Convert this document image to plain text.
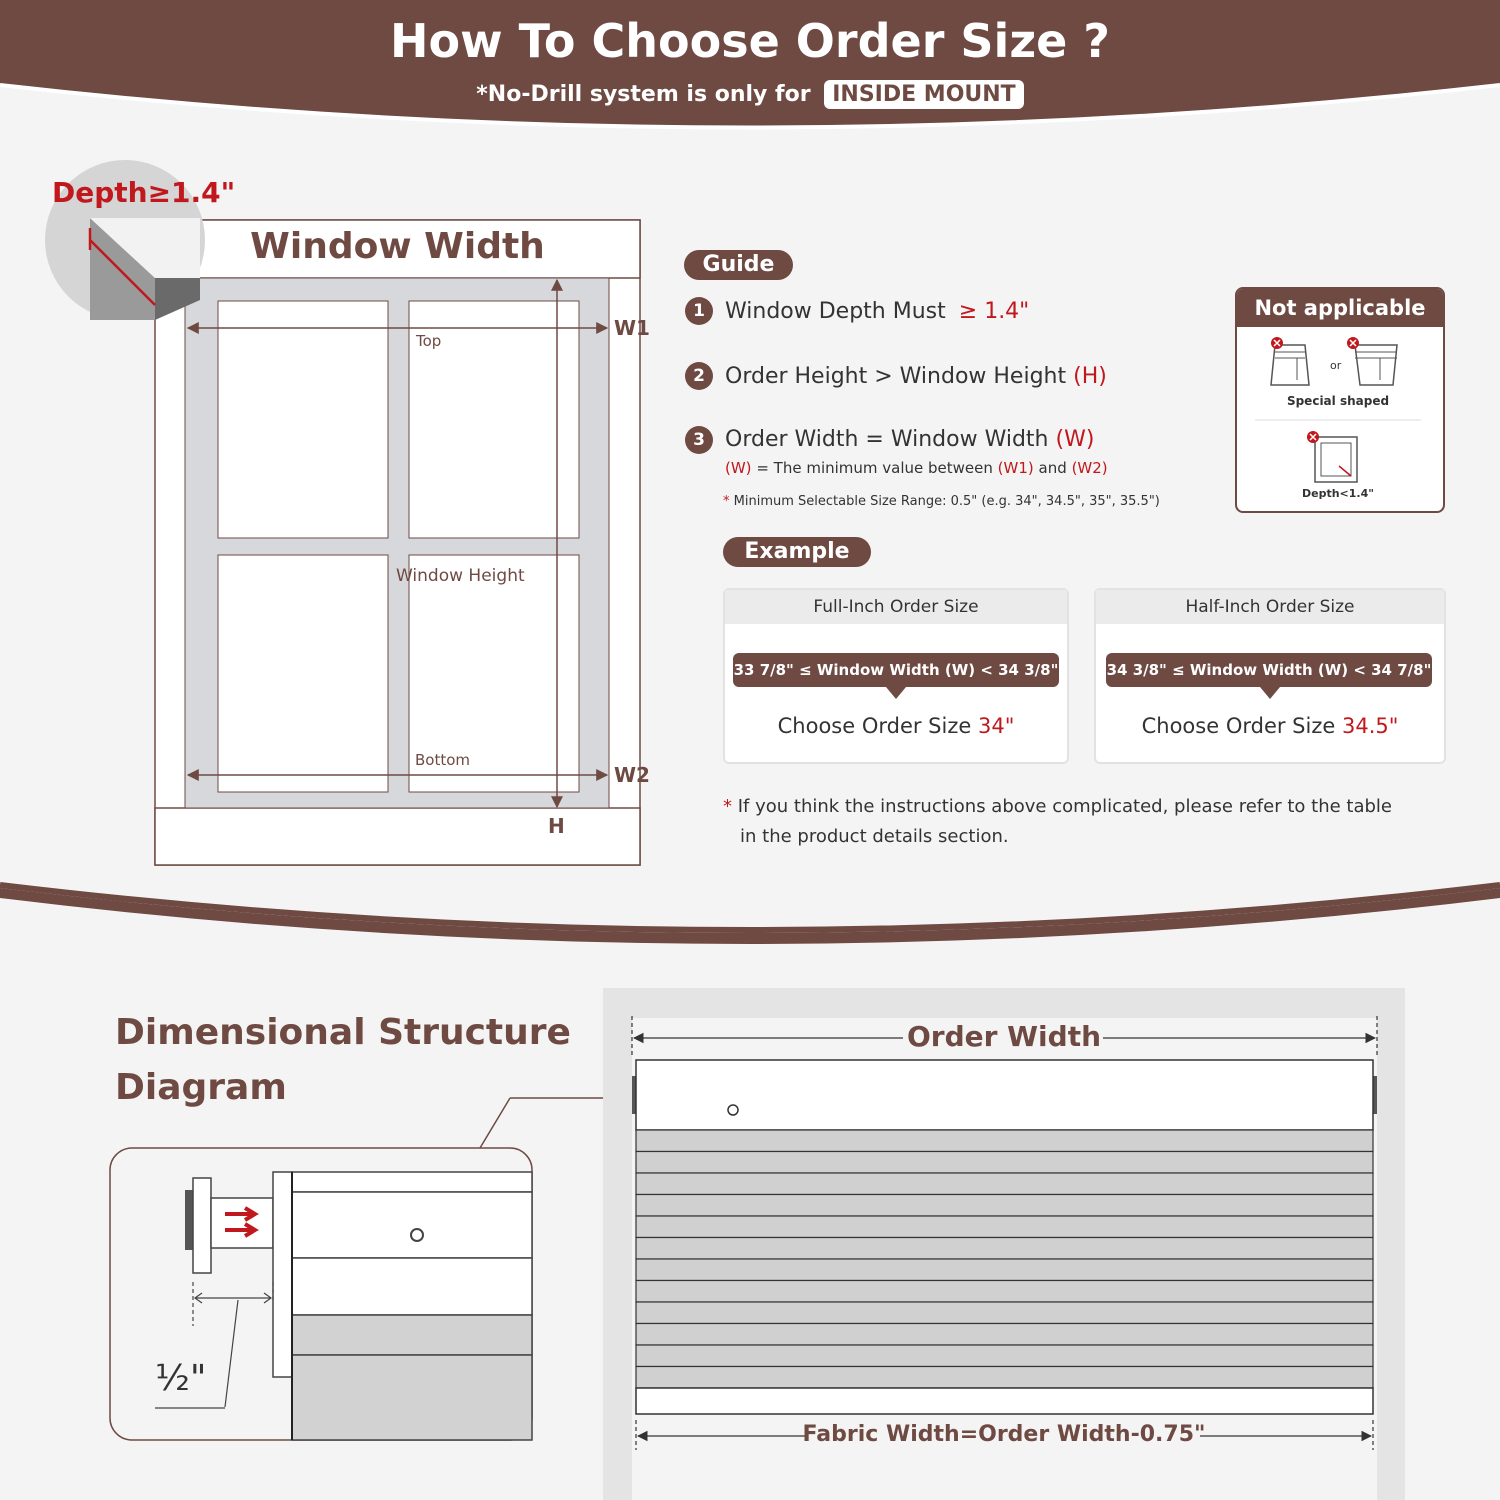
How To Choose Order Size ?
*No-Drill system is only for INSIDE MOUNT
Depth≥1.4"
Window Width
Top
Window Height
Bottom
W1
W2
H
Guide
1 Window Depth Must ≥ 1.4"
2 Order Height > Window Height (H)
3 Order Width = Window Width (W)
(W) = The minimum value between (W1) and (W2)
* Minimum Selectable Size Range: 0.5" (e.g. 34", 34.5", 35", 35.5")
Not applicable
or
Special shaped
Depth<1.4"
Example
Full-Inch Order Size
33 7/8" ≤ Window Width (W) < 34 3/8"
Choose Order Size 34"
Half-Inch Order Size
34 3/8" ≤ Window Width (W) < 34 7/8"
Choose Order Size 34.5"
* If you think the instructions above complicated, please refer to the table
in the product details section.
Dimensional Structure
Diagram
½"
Order Width
Fabric Width=Order Width-0.75"
